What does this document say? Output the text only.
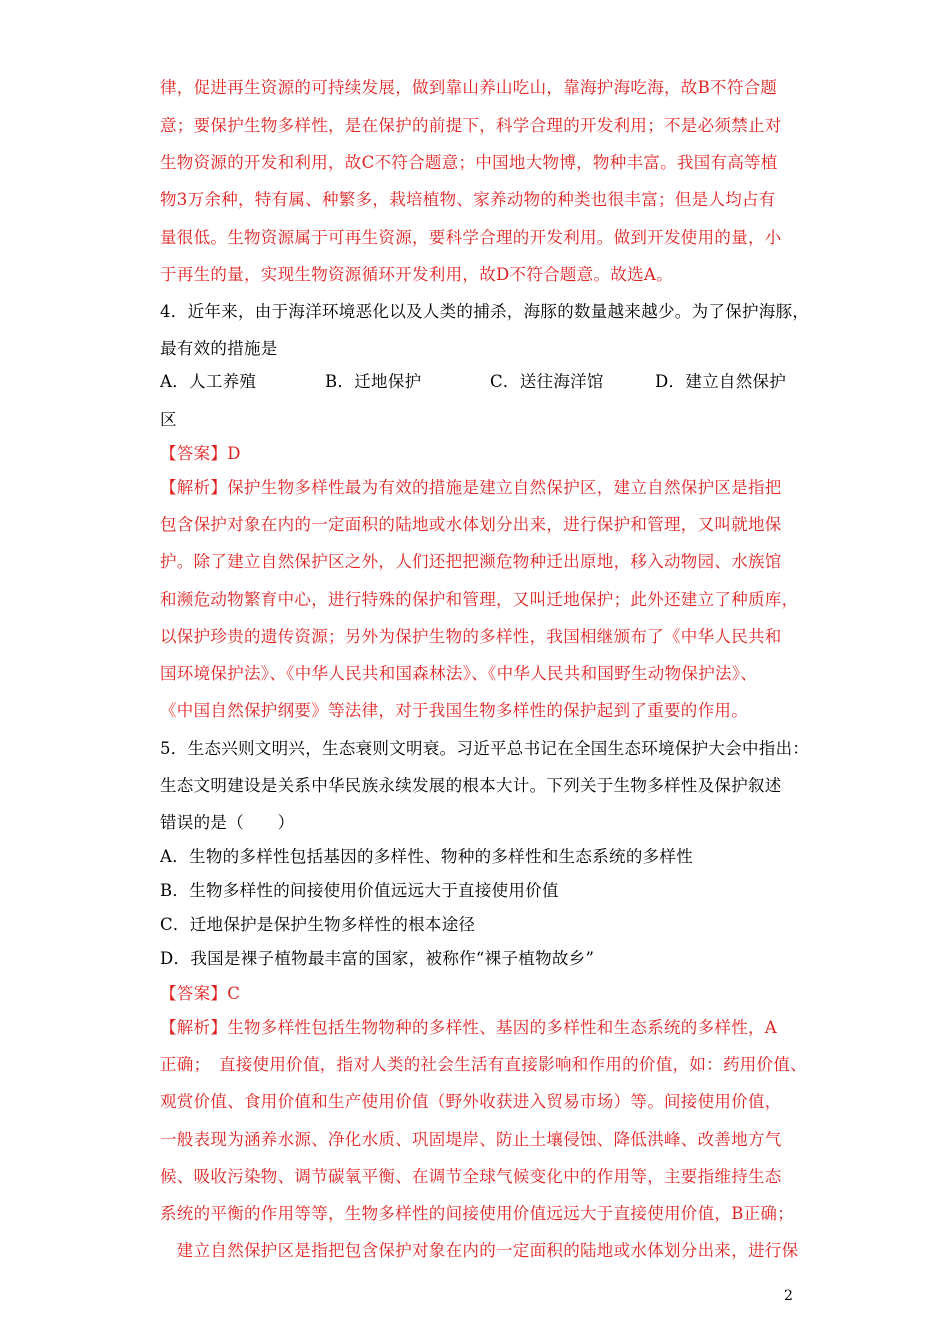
律，促进再生资源的可持续发展，做到靠山养山吃山，靠海护海吃海，故B不符合题
意；要保护生物多样性，是在保护的前提下，科学合理的开发利用；不是必须禁止对
生物资源的开发和利用，故C不符合题意；中国地大物博，物种丰富。我国有高等植
物3万余种，特有属、种繁多，栽培植物、家养动物的种类也很丰富；但是人均占有
量很低。生物资源属于可再生资源，要科学合理的开发利用。做到开发使用的量，小
于再生的量，实现生物资源循环开发利用，故D不符合题意。故选A。
4．近年来，由于海洋环境恶化以及人类的捕杀，海豚的数量越来越少。为了保护海豚，
最有效的措施是
A．人工养殖	B．迁地保护	C．送往海洋馆	D．建立自然保护
区
【答案】D
【解析】保护生物多样性最为有效的措施是建立自然保护区，建立自然保护区是指把
包含保护对象在内的一定面积的陆地或水体划分出来，进行保护和管理，又叫就地保
护。除了建立自然保护区之外，人们还把把濒危物种迁出原地，移入动物园、水族馆
和濒危动物繁育中心，进行特殊的保护和管理，又叫迁地保护；此外还建立了种质库，
以保护珍贵的遗传资源；另外为保护生物的多样性，我国相继颁布了《中华人民共和
国环境保护法》、《中华人民共和国森林法》、《中华人民共和国野生动物保护法》、
《中国自然保护纲要》等法律，对于我国生物多样性的保护起到了重要的作用。
5．生态兴则文明兴，生态衰则文明衰。习近平总书记在全国生态环境保护大会中指出：
生态文明建设是关系中华民族永续发展的根本大计。下列关于生物多样性及保护叙述
错误的是（　　）
A．生物的多样性包括基因的多样性、物种的多样性和生态系统的多样性
B．生物多样性的间接使用价值远远大于直接使用价值
C．迁地保护是保护生物多样性的根本途径
D．我国是裸子植物最丰富的国家，被称作“裸子植物故乡”
【答案】C
【解析】生物多样性包括生物物种的多样性、基因的多样性和生态系统的多样性，A
正确；　直接使用价值，指对人类的社会生活有直接影响和作用的价值，如：药用价值、
观赏价值、食用价值和生产使用价值（野外收获进入贸易市场）等。间接使用价值，
一般表现为涵养水源、净化水质、巩固堤岸、防止土壤侵蚀、降低洪峰、改善地方气
候、吸收污染物、调节碳氧平衡、在调节全球气候变化中的作用等，主要指维持生态
系统的平衡的作用等等，生物多样性的间接使用价值远远大于直接使用价值，B正确；
　建立自然保护区是指把包含保护对象在内的一定面积的陆地或水体划分出来，进行保
2
